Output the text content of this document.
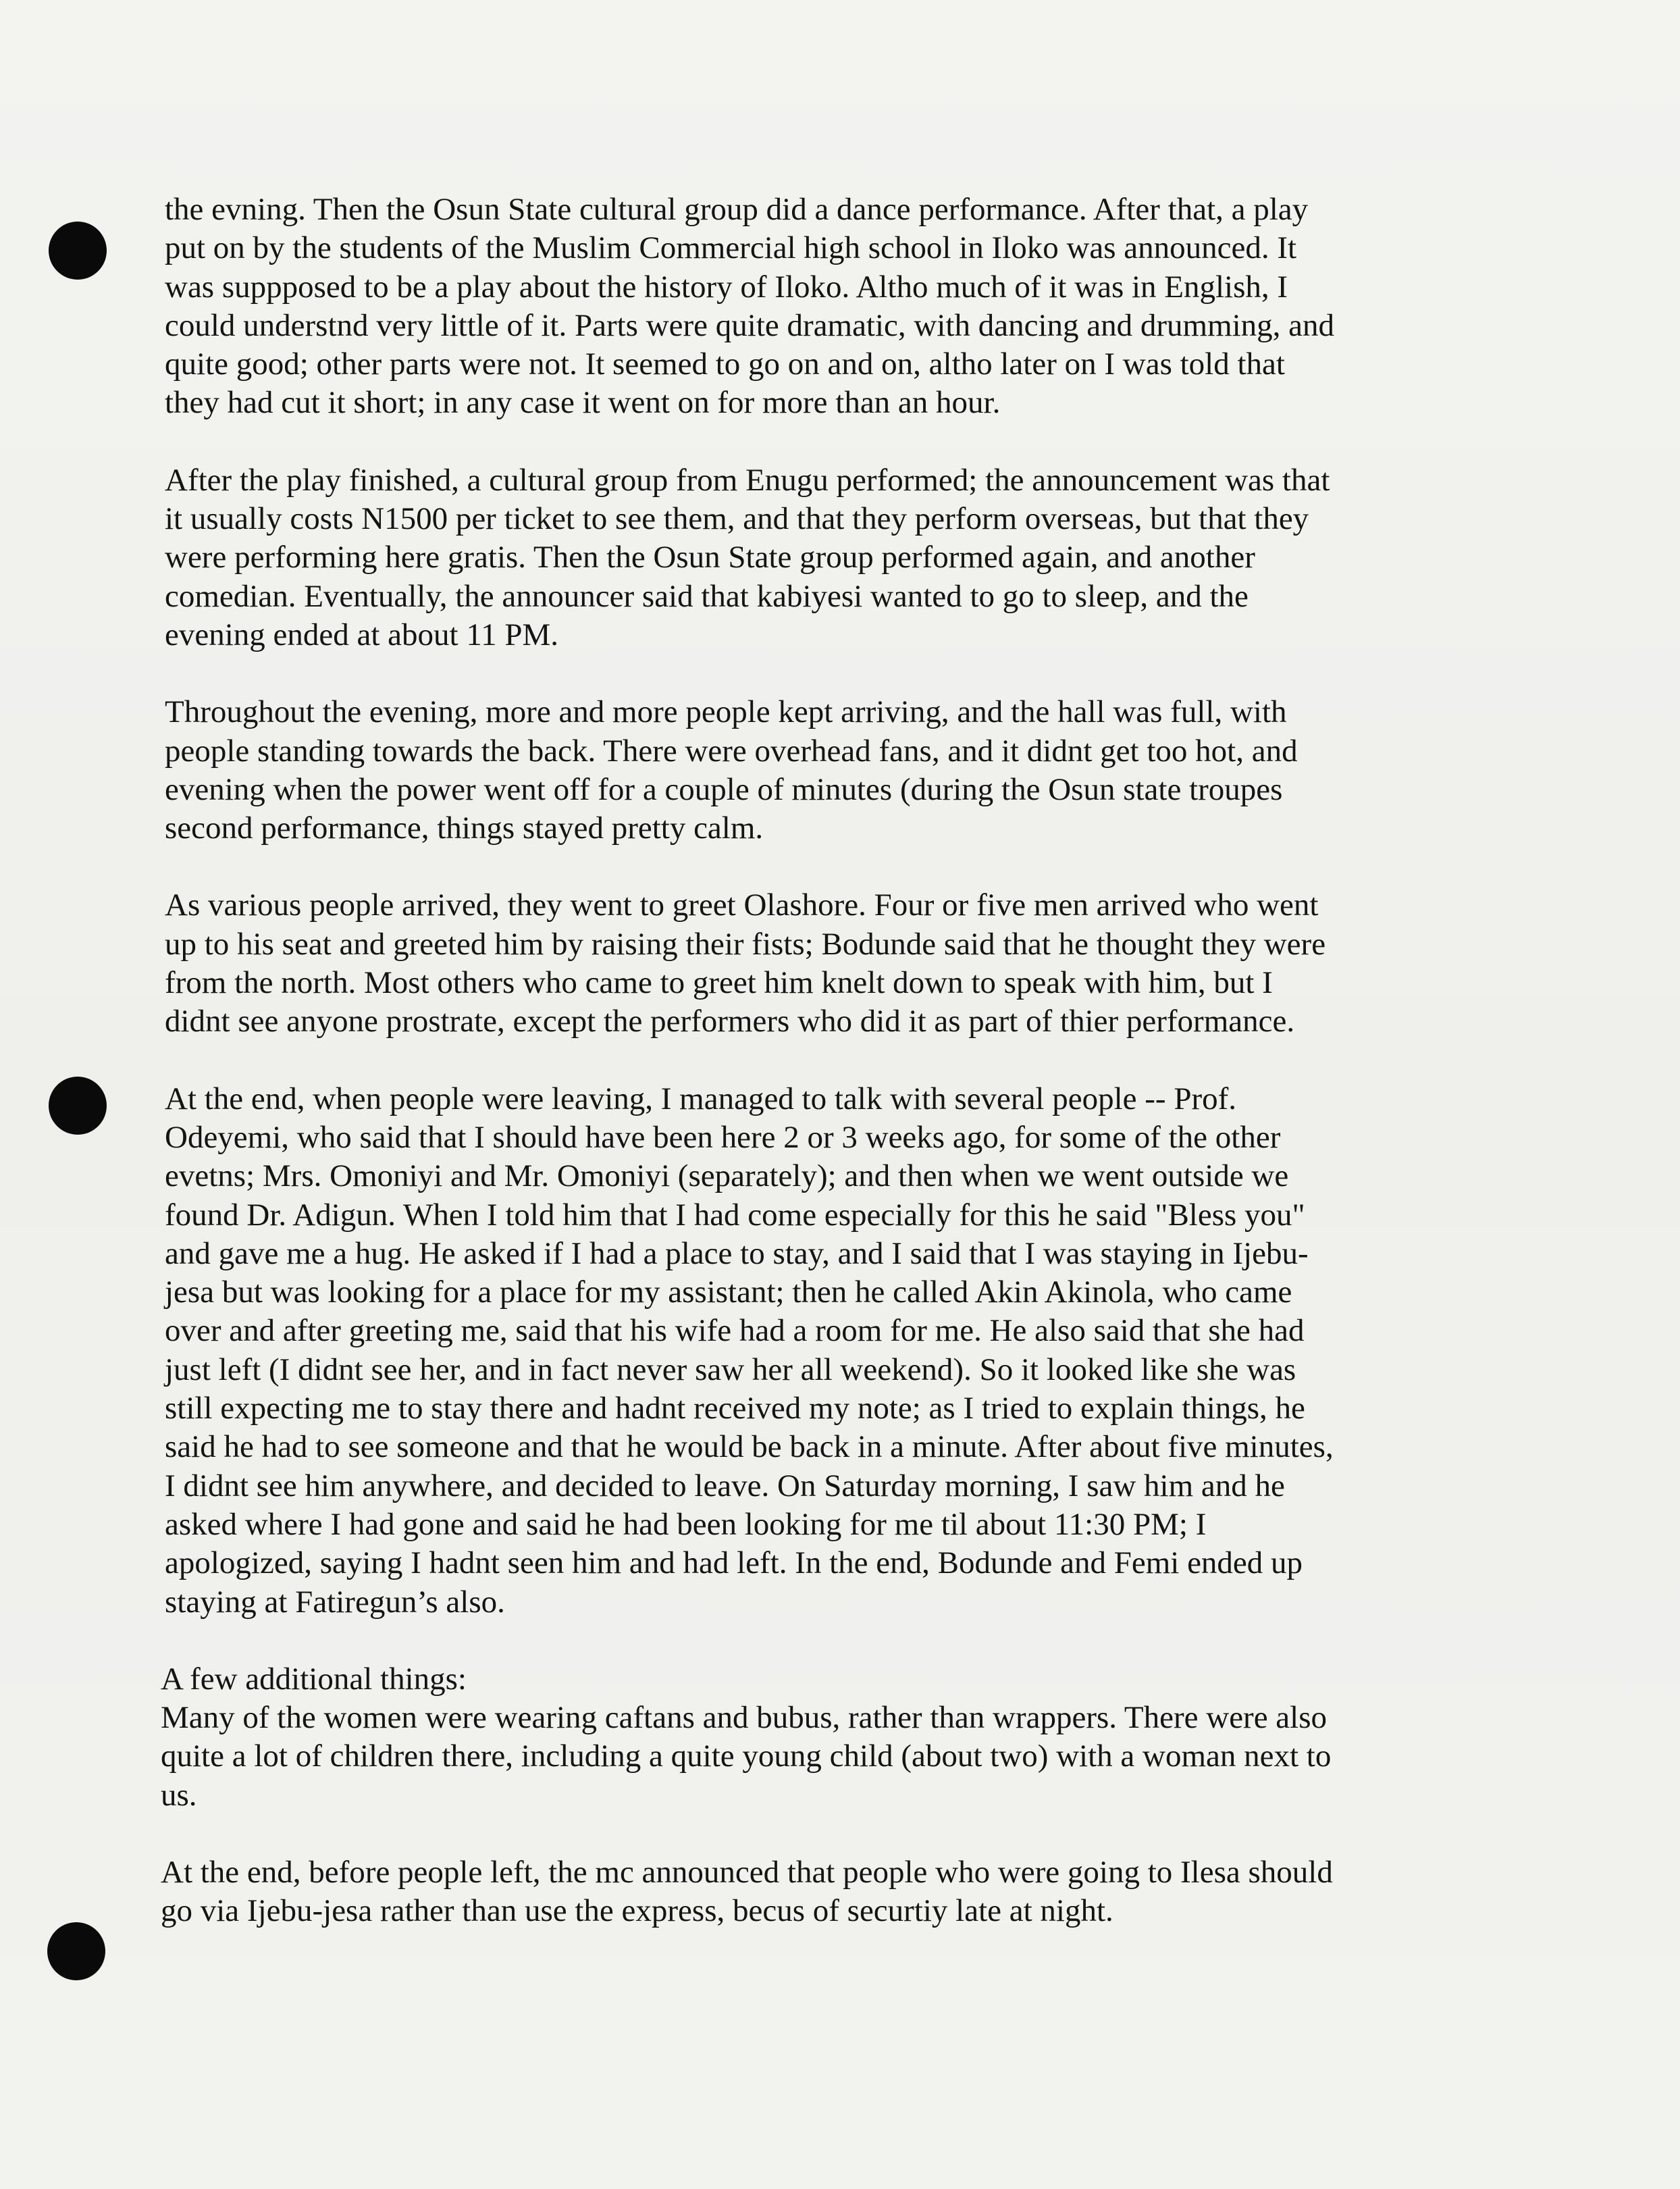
the evning. Then the Osun State cultural group did a dance performance. After that, a play
put on by the students of the Muslim Commercial high school in Iloko was announced. It
was suppposed to be a play about the history of Iloko. Altho much of it was in English, I
could understnd very little of it. Parts were quite dramatic, with dancing and drumming, and
quite good; other parts were not. It seemed to go on and on, altho later on I was told that
they had cut it short; in any case it went on for more than an hour.

After the play finished, a cultural group from Enugu performed; the announcement was that
it usually costs N1500 per ticket to see them, and that they perform overseas, but that they
were performing here gratis. Then the Osun State group performed again, and another
comedian. Eventually, the announcer said that kabiyesi wanted to go to sleep, and the
evening ended at about 11 PM.

Throughout the evening, more and more people kept arriving, and the hall was full, with
people standing towards the back. There were overhead fans, and it didnt get too hot, and
evening when the power went off for a couple of minutes (during the Osun state troupes
second performance, things stayed pretty calm.

As various people arrived, they went to greet Olashore. Four or five men arrived who went
up to his seat and greeted him by raising their fists; Bodunde said that he thought they were
from the north. Most others who came to greet him knelt down to speak with him, but I
didnt see anyone prostrate, except the performers who did it as part of thier performance.

At the end, when people were leaving, I managed to talk with several people -- Prof.
Odeyemi, who said that I should have been here 2 or 3 weeks ago, for some of the other
evetns; Mrs. Omoniyi and Mr. Omoniyi (separately); and then when we went outside we
found Dr. Adigun. When I told him that I had come especially for this he said "Bless you"
and gave me a hug. He asked if I had a place to stay, and I said that I was staying in Ijebu-
jesa but was looking for a place for my assistant; then he called Akin Akinola, who came
over and after greeting me, said that his wife had a room for me. He also said that she had
just left (I didnt see her, and in fact never saw her all weekend). So it looked like she was
still expecting me to stay there and hadnt received my note; as I tried to explain things, he
said he had to see someone and that he would be back in a minute. After about five minutes,
I didnt see him anywhere, and decided to leave. On Saturday morning, I saw him and he
asked where I had gone and said he had been looking for me til about 11:30 PM; I
apologized, saying I hadnt seen him and had left. In the end, Bodunde and Femi ended up
staying at Fatiregun’s also.

A few additional things:

Many of the women were wearing caftans and bubus, rather than wrappers. There were also
quite a lot of children there, including a quite young child (about two) with a woman next to
us.

At the end, before people left, the mc announced that people who were going to Ilesa should
go via Ijebu-jesa rather than use the express, becus of securtiy late at night.
